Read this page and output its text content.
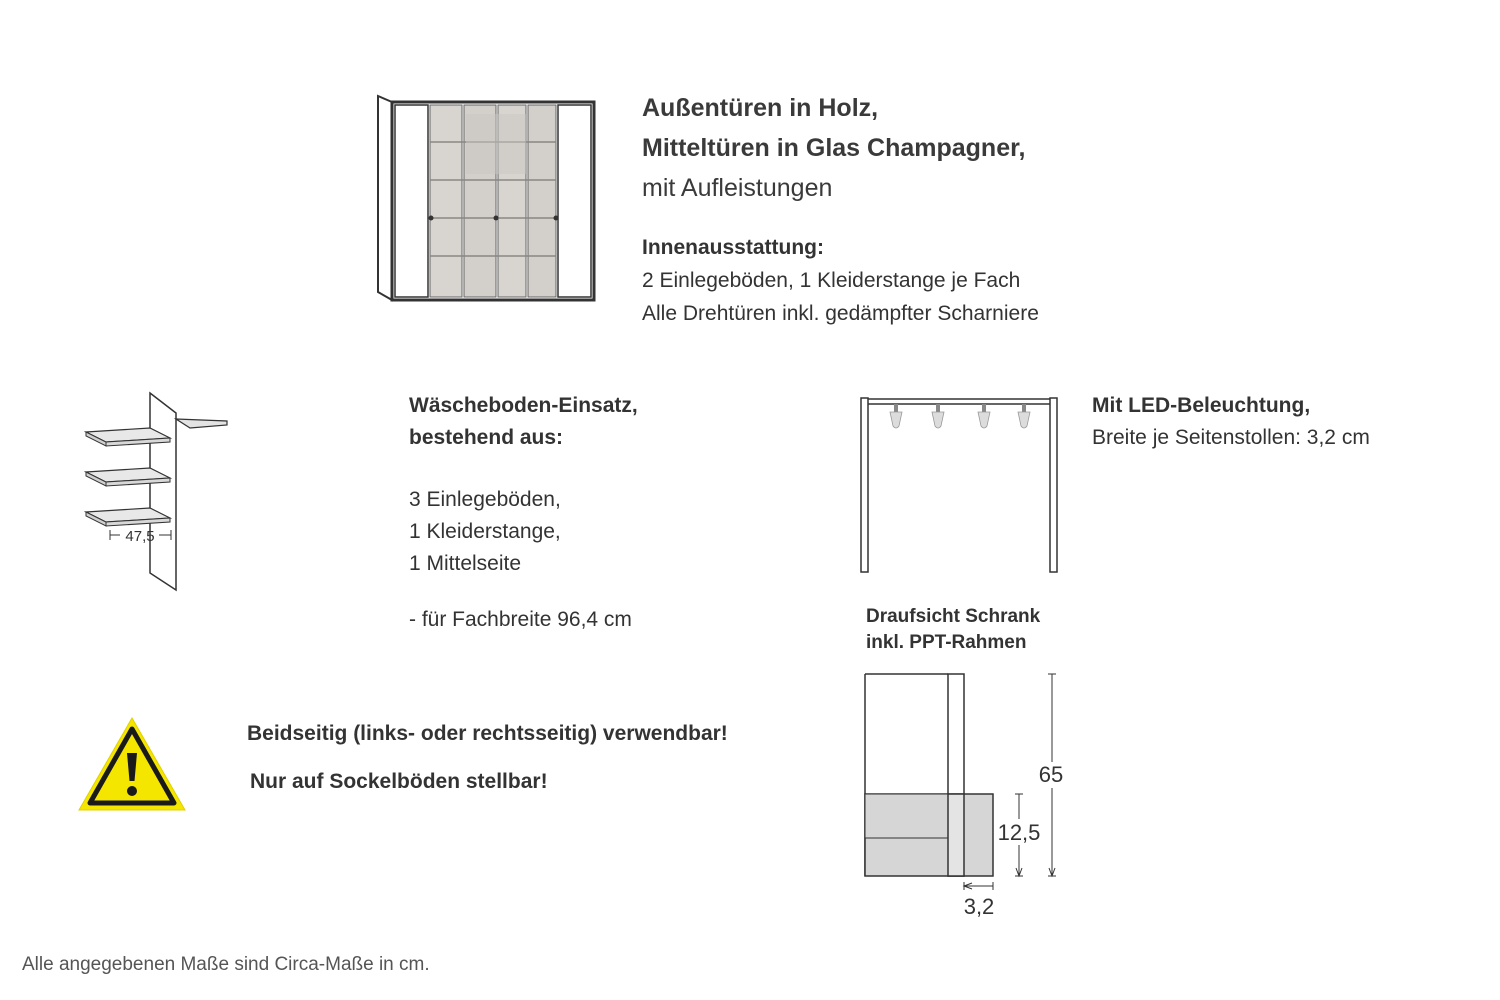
Außentüren in Holz,
Mitteltüren in Glas Champagner,
mit Aufleistungen
Innenausstattung:
2 Einlegeböden, 1 Kleiderstange je Fach
Alle Drehtüren inkl. gedämpfter Scharniere
47,5
Wäscheboden-Einsatz,
bestehend aus:
3 Einlegeböden,
1 Kleiderstange,
1 Mittelseite
- für Fachbreite 96,4 cm
Mit LED-Beleuchtung,
Breite je Seitenstollen: 3,2 cm
Draufsicht Schrank
inkl. PPT-Rahmen
65
12,5
3,2
Beidseitig (links- oder rechtsseitig) verwendbar!
Nur auf Sockelböden stellbar!
Alle angegebenen Maße sind Circa-Maße in cm.
